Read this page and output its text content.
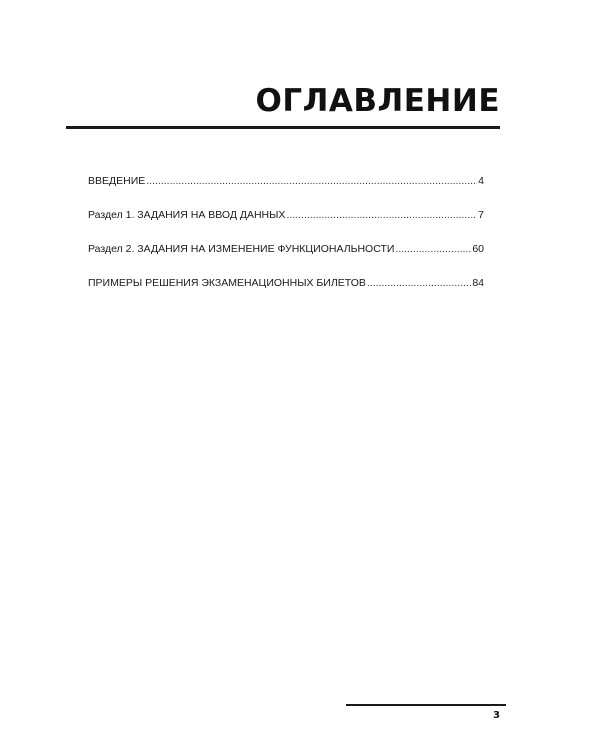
ОГЛАВЛЕНИЕ
ВВЕДЕНИЕ .....	4
Раздел 1. ЗАДАНИЯ НА ВВОД ДАННЫХ .....	7
Раздел 2. ЗАДАНИЯ НА ИЗМЕНЕНИЕ ФУНКЦИОНАЛЬНОСТИ .....	60
ПРИМЕРЫ РЕШЕНИЯ ЭКЗАМЕНАЦИОННЫХ БИЛЕТОВ .....	84
3
